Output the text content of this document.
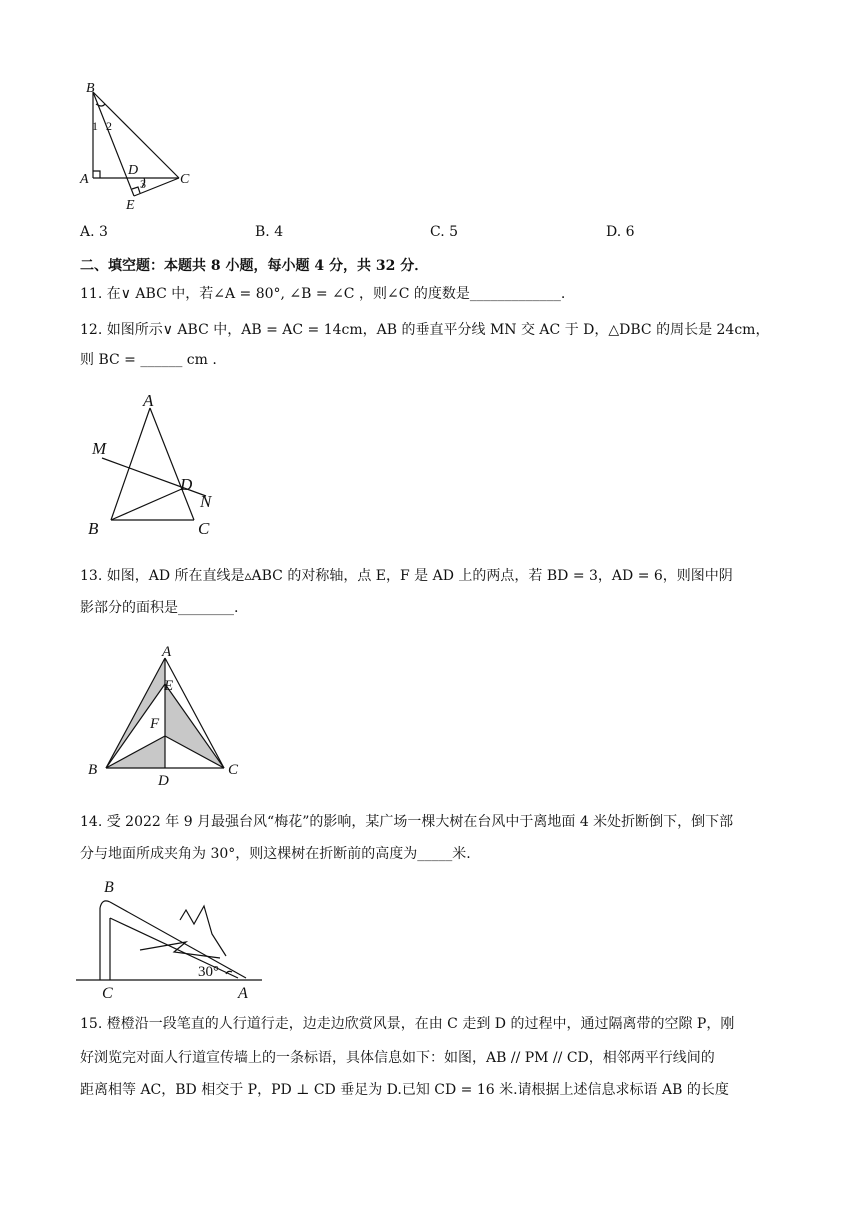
B
A
D
C
E
1 2
3
A. 3	B. 4	C. 5	D. 6
二、填空题：本题共 8 小题，每小题 4 分，共 32 分．
11. 在∨ ABC 中，若∠A = 80°, ∠B = ∠C ，则∠C 的度数是_____________.
12. 如图所示∨ ABC 中，AB = AC = 14cm，AB 的垂直平分线 MN 交 AC 于 D，△DBC 的周长是 24cm，
则 BC = ______ cm .
A
M
D
N
B	C
13. 如图，AD 所在直线是▵ABC 的对称轴，点 E，F 是 AD 上的两点，若 BD = 3，AD = 6，则图中阴
影部分的面积是________.
A
E
F
B
D
C
14. 受 2022 年 9 月最强台风“梅花”的影响，某广场一棵大树在台风中于离地面 4 米处折断倒下，倒下部
分与地面所成夹角为 30°，则这棵树在折断前的高度为_____米.
B
C	A
30°
15. 橙橙沿一段笔直的人行道行走，边走边欣赏风景，在由 C 走到 D 的过程中，通过隔离带的空隙 P，刚
好浏览完对面人行道宣传墙上的一条标语，具体信息如下：如图，AB // PM // CD，相邻两平行线间的
距离相等 AC，BD 相交于 P，PD ⊥ CD 垂足为 D.已知 CD = 16 米.请根据上述信息求标语 AB 的长度
